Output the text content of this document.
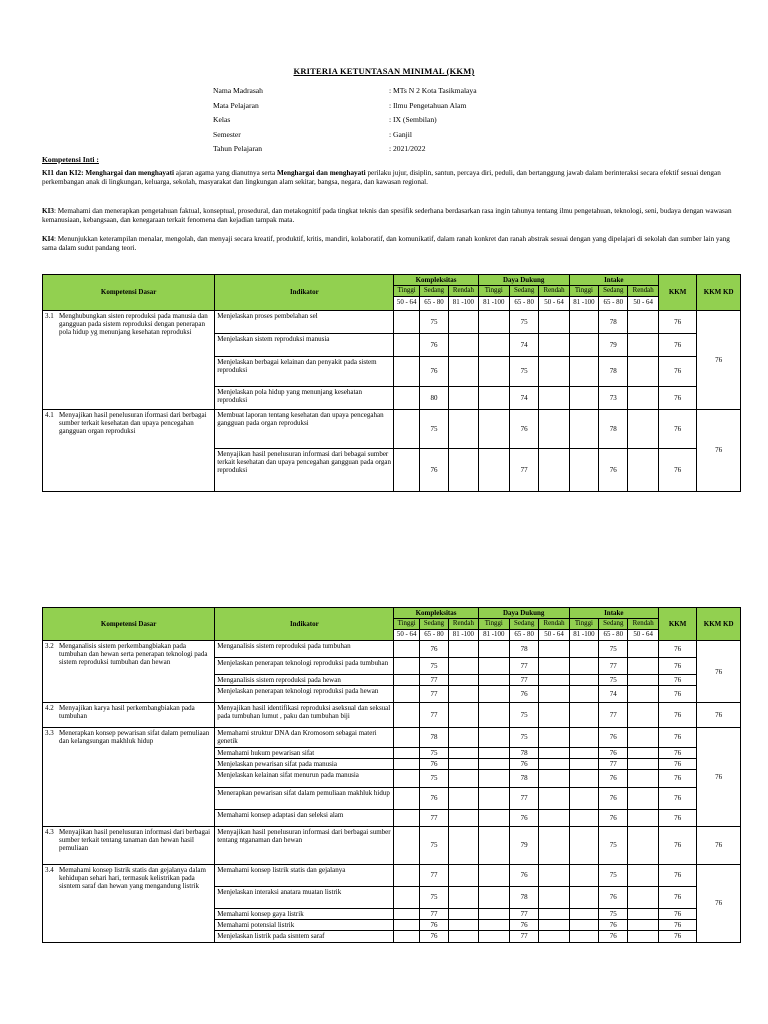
KRITERIA KETUNTASAN MINIMAL (KKM)
Nama Madrasah	: MTs N 2 Kota Tasikmalaya
Mata Pelajaran	: Ilmu Pengetahuan Alam
Kelas	: IX (Sembilan)
Semester	: Ganjil
Tahun Pelajaran	: 2021/2022
Kompetensi Inti :
KI1 dan KI2: Menghargai dan menghayati ajaran agama yang dianutnya serta Menghargai dan menghayati perilaku jujur, disiplin, santun, percaya diri, peduli, dan bertanggung jawab dalam berinteraksi secara efektif sesuai dengan perkembangan anak di lingkungan, keluarga, sekolah, masyarakat dan lingkungan alam sekitar, bangsa, negara, dan kawasan regional.
KI3: Memahami dan menerapkan pengetahuan faktual, konseptual, prosedural, dan metakognitif pada tingkat teknis dan spesifik sederhana berdasarkan rasa ingin tahunya tentang ilmu pengetahuan, teknologi, seni, budaya dengan wawasan kemanusiaan, kebangsaan, dan kenegaraan terkait fenomena dan kejadian tampak mata.
KI4: Menunjukkan keterampilan menalar, mengolah, dan menyaji secara kreatif, produktif, kritis, mandiri, kolaboratif, dan komunikatif, dalam ranah konkret dan ranah abstrak sesuai dengan yang dipelajari di sekolah dan sumber lain yang sama dalam sudut pandang teori.
Kompetensi Dasar	Indikator	Kompleksitas			Daya Dukung			Intake			KKM	KKM KD
		Tinggi	Sedang	Rendah	Tinggi	Sedang	Rendah	Tinggi	Sedang	Rendah		
		50 - 64	65 - 80	81 -100	81 -100	65 - 80	50 - 64	81 -100	65 - 80	50 - 64		

3.1 Menghubungkan sisten reproduksi pada manusia dan gangguan pada sistem reproduksi dengan penerapan pola hidup yg menunjang kesehatan reproduksi	Menjelaskan proses pembelahan sel		75			75			78		76	76
	Menjelaskan sistem reproduksi manusia		76			74			79		76	
	Menjelaskan berbagai kelainan dan penyakit pada sistem reproduksi		76			75			78		76	
	Menjelaskan pola hidup yang menunjang kesehatan reproduksi		80			74			73		76	

4.1 Menyajikan hasil penelusuran iformasi dari berbagai sumber terkait kesehatan dan upaya pencegahan gangguan organ reproduksi	Membuat laporan tentang kesehatan dan upaya pencegahan gangguan pada organ reproduksi		75			76			78		76	76
	Menyajikan hasil penelusuran informasi dari bebagai sumber terkait kesehatan dan upaya pencegahan gangguan pada organ reproduksi		76			77			76		76	
Kompetensi Dasar	Indikator	Kompleksitas			Daya Dukung			Intake			KKM	KKM KD
		Tinggi	Sedang	Rendah	Tinggi	Sedang	Rendah	Tinggi	Sedang	Rendah		
		50 - 64	65 - 80	81 -100	81 -100	65 - 80	50 - 64	81 -100	65 - 80	50 - 64		

3.2 Menganalisis sistem perkembangbiakan pada tumbuhan dan hewan serta penerapan teknologi pada sistem reproduksi tumbuhan dan hewan	Menganalisis sistem reproduksi pada tumbuhan		76			78			75		76	76
	Menjelaskan penerapan teknologi reproduksi pada tumbuhan		75			77			77		76	
	Menganalisis sistem reproduksi pada hewan		77			77			75		76	
	Menjelaskan penerapan teknologi reproduksi pada hewan		77			76			74		76	

4.2 Menyajikan karya hasil perkembangbiakan pada tumbuhan	Menyajikan hasil identifikasi reproduksi aseksual dan seksual pada tumbuhan lumut , paku dan tumbuhan biji		77			75			77		76	76

3.3 Menerapkan konsep pewarisan sifat dalam pemuliaan dan kelangsungan makhluk hidup	Memahami struktur DNA dan Kromosom sebagai materi genetik		78			75			76		76	76
	Memahami hukum pewarisan sifat		75			78			76		76	
	Menjelaskan pewarisan sifat pada manusia		76			76			77		76	
	Menjelaskan kelainan sifat menurun pada manusia		75			78			76		76	
	Menerapkan pewarisan sifat dalam pemuliaan makhluk hidup		76			77			76		76	
	Memahami konsep adaptasi dan seleksi alam		77			76			76		76	

4.3 Menyajikan hasil penelusuran informasi dari berbagai sumber terkait tentang tanaman dan hewan hasil pemuliaan	Menyajikan hasil penelusuran informasi dari berbagai sumber tentang ntganaman dan hewan		75			79			75		76	76

3.4 Memahami konsep listrik statis dan gejalanya dalam kehidupan sehari hari, termasuk kelistrikan pada sisntem saraf dan hewan yang mengandung listrik	Memahami konsep listrik statis dan gejalanya		77			76			75		76	76
	Menjelaskan interaksi anatara muatan listrik		75			78			76		76	
	Memahami konsep gaya listrik		77			77			75		76	
	Memahami potensial listrik		76			76			76		76	
	Menjelaskan listrik pada sisntem saraf		76			77			76		76	
